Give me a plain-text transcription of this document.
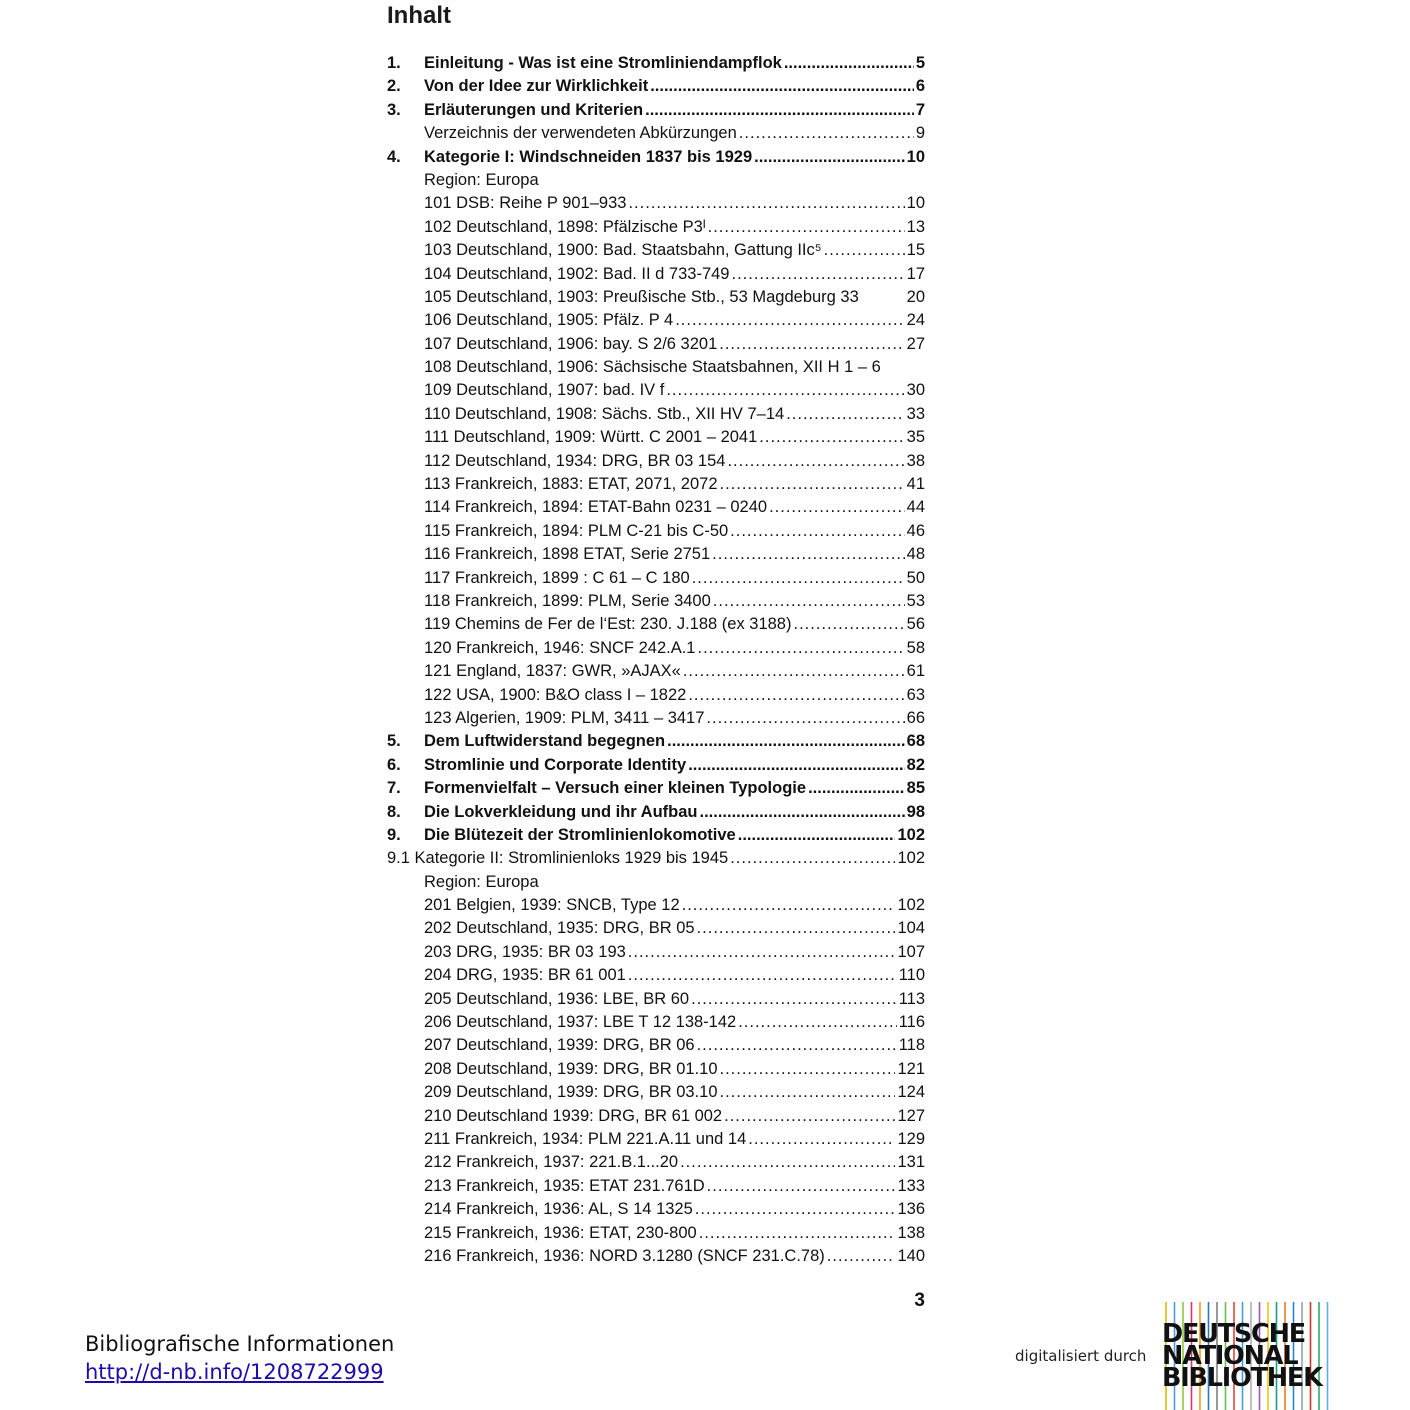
Inhalt
1. Einleitung - Was ist eine Stromliniendampflok .....	5
2. Von der Idee zur Wirklichkeit .....	6
3. Erläuterungen und Kriterien .....	7
Verzeichnis der verwendeten Abkürzungen .....	9
4. Kategorie I: Windschneiden 1837 bis 1929 .....	10
Region: Europa
101 DSB: Reihe P 901–933 .....	10
102 Deutschland, 1898: Pfälzische P3ᴵ .....	13
103 Deutschland, 1900: Bad. Staatsbahn, Gattung IIc⁵ .....	15
104 Deutschland, 1902: Bad. II d 733-749 .....	17
105 Deutschland, 1903: Preußische Stb., 53 Magdeburg 33	20
106 Deutschland, 1905: Pfälz. P 4 .....	24
107 Deutschland, 1906: bay. S 2/6 3201 .....	27
108 Deutschland, 1906: Sächsische Staatsbahnen, XII H 1 – 6
109 Deutschland, 1907: bad. IV f .....	30
110 Deutschland, 1908: Sächs. Stb., XII HV 7–14 .....	33
111 Deutschland, 1909: Württ. C 2001 – 2041 .....	35
112 Deutschland, 1934: DRG, BR 03 154 .....	38
113 Frankreich, 1883: ETAT, 2071, 2072 .....	41
114 Frankreich, 1894: ETAT-Bahn 0231 – 0240 .....	44
115 Frankreich, 1894: PLM C-21 bis C-50 .....	46
116 Frankreich, 1898 ETAT, Serie 2751 .....	48
117 Frankreich, 1899 : C 61 – C 180 .....	50
118 Frankreich, 1899: PLM, Serie 3400 .....	53
119 Chemins de Fer de l‘Est: 230. J.188 (ex 3188) .....	56
120 Frankreich, 1946: SNCF 242.A.1 .....	58
121 England, 1837: GWR, »AJAX« .....	61
122 USA, 1900: B&O class I – 1822 .....	63
123 Algerien, 1909: PLM, 3411 – 3417 .....	66
5. Dem Luftwiderstand begegnen .....	68
6. Stromlinie und Corporate Identity .....	82
7. Formenvielfalt – Versuch einer kleinen Typologie .....	85
8. Die Lokverkleidung und ihr Aufbau .....	98
9. Die Blütezeit der Stromlinienlokomotive .....	102
9.1 Kategorie II: Stromlinienloks 1929 bis 1945 .....	102
Region: Europa
201 Belgien, 1939: SNCB, Type 12 .....	102
202 Deutschland, 1935: DRG, BR 05 .....	104
203 DRG, 1935: BR 03 193 .....	107
204 DRG, 1935: BR 61 001 .....	110
205 Deutschland, 1936: LBE, BR 60 .....	113
206 Deutschland, 1937: LBE T 12 138-142 .....	116
207 Deutschland, 1939: DRG, BR 06 .....	118
208 Deutschland, 1939: DRG, BR 01.10 .....	121
209 Deutschland, 1939: DRG, BR 03.10 .....	124
210 Deutschland 1939: DRG, BR 61 002 .....	127
211 Frankreich, 1934: PLM 221.A.11 und 14 .....	129
212 Frankreich, 1937: 221.B.1...20 .....	131
213 Frankreich, 1935: ETAT 231.761D .....	133
214 Frankreich, 1936: AL, S 14 1325 .....	136
215 Frankreich, 1936: ETAT, 230-800 .....	138
216 Frankreich, 1936: NORD 3.1280 (SNCF 231.C.78) .....	140
3
Bibliografische Informationen
http://d-nb.info/1208722999
digitalisiert durch
DEUTSCHE
NATIONAL
BIBLIOTHEK
